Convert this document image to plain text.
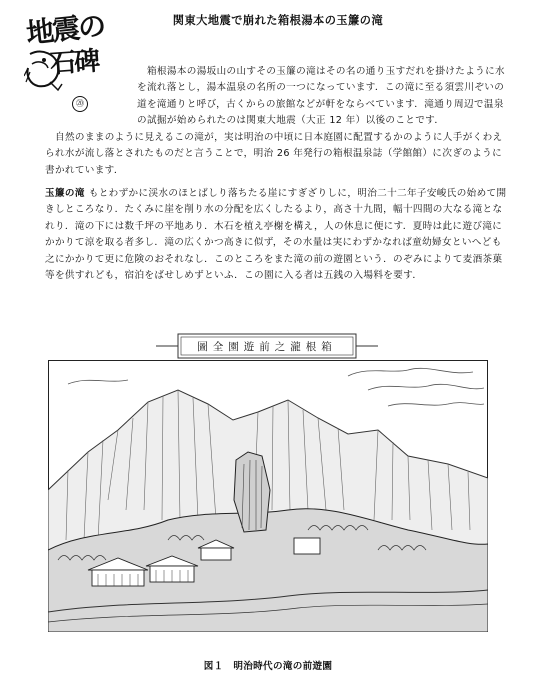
地震の
石碑
⑳
関東大地震で崩れた箱根湯本の玉簾の滝

箱根湯本の湯坂山の山すその玉簾の滝はその名の通り玉すだれを掛けたように水を流れ落とし，湯本温泉の名所の一つになっています．この滝に至る須雲川ぞいの道を滝通りと呼び，古くからの旅館などが軒をならべています．滝通り周辺で温泉の試掘が始められたのは関東大地震（大正 12 年）以後のことです．

自然のままのように見えるこの滝が，実は明治の中頃に日本庭園に配置するかのように人手がくわえられ水が流し落とされたものだと言うことで，明治 26 年発行の箱根温泉誌（学館館）に次ぎのように書かれています．

玉簾の滝 もとわずかに渓水のほとばしり落ちたる崖にすぎざりしに，明治二十二年子安峻氏の始めて開きしところなり．たくみに崖を削り水の分配を広くしたるより，高さ十九間，幅十四間の大なる滝となれり．滝の下には数千坪の平地あり．木石を植え亭榭を構え，人の休息に便にす．夏時は此に遊び滝にかかりて涼を取る者多し．滝の広くかつ高きに似ず，その水量は実にわずかなれば童幼婦女といへども之にかかりて更に危険のおそれなし．このところをまた滝の前の遊園という．のぞみによりて麦酒茶菓等を供すれども，宿泊をばせしめずといふ．この園に入る者は五銭の入場料を要す．

圖全園遊前之瀧根箱
図１　明治時代の滝の前遊園
